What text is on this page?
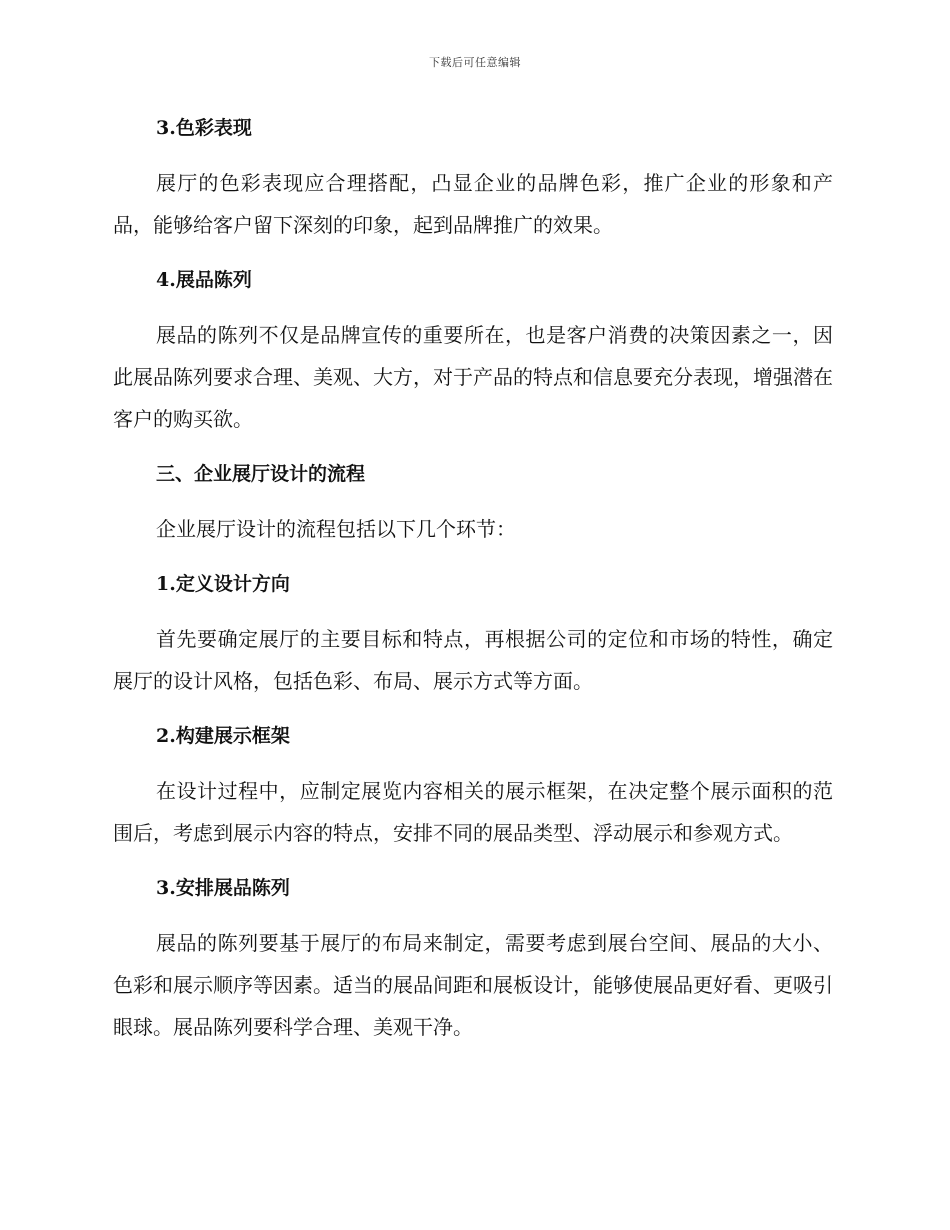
下载后可任意编辑
3.色彩表现

展厅的色彩表现应合理搭配，凸显企业的品牌色彩，推广企业的形象和产品，能够给客户留下深刻的印象，起到品牌推广的效果。

4.展品陈列

展品的陈列不仅是品牌宣传的重要所在，也是客户消费的决策因素之一，因此展品陈列要求合理、美观、大方，对于产品的特点和信息要充分表现，增强潜在客户的购买欲。

三、企业展厅设计的流程

企业展厅设计的流程包括以下几个环节：

1.定义设计方向

首先要确定展厅的主要目标和特点，再根据公司的定位和市场的特性，确定展厅的设计风格，包括色彩、布局、展示方式等方面。

2.构建展示框架

在设计过程中，应制定展览内容相关的展示框架，在决定整个展示面积的范围后，考虑到展示内容的特点，安排不同的展品类型、浮动展示和参观方式。

3.安排展品陈列

展品的陈列要基于展厅的布局来制定，需要考虑到展台空间、展品的大小、色彩和展示顺序等因素。适当的展品间距和展板设计，能够使展品更好看、更吸引眼球。展品陈列要科学合理、美观干净。
